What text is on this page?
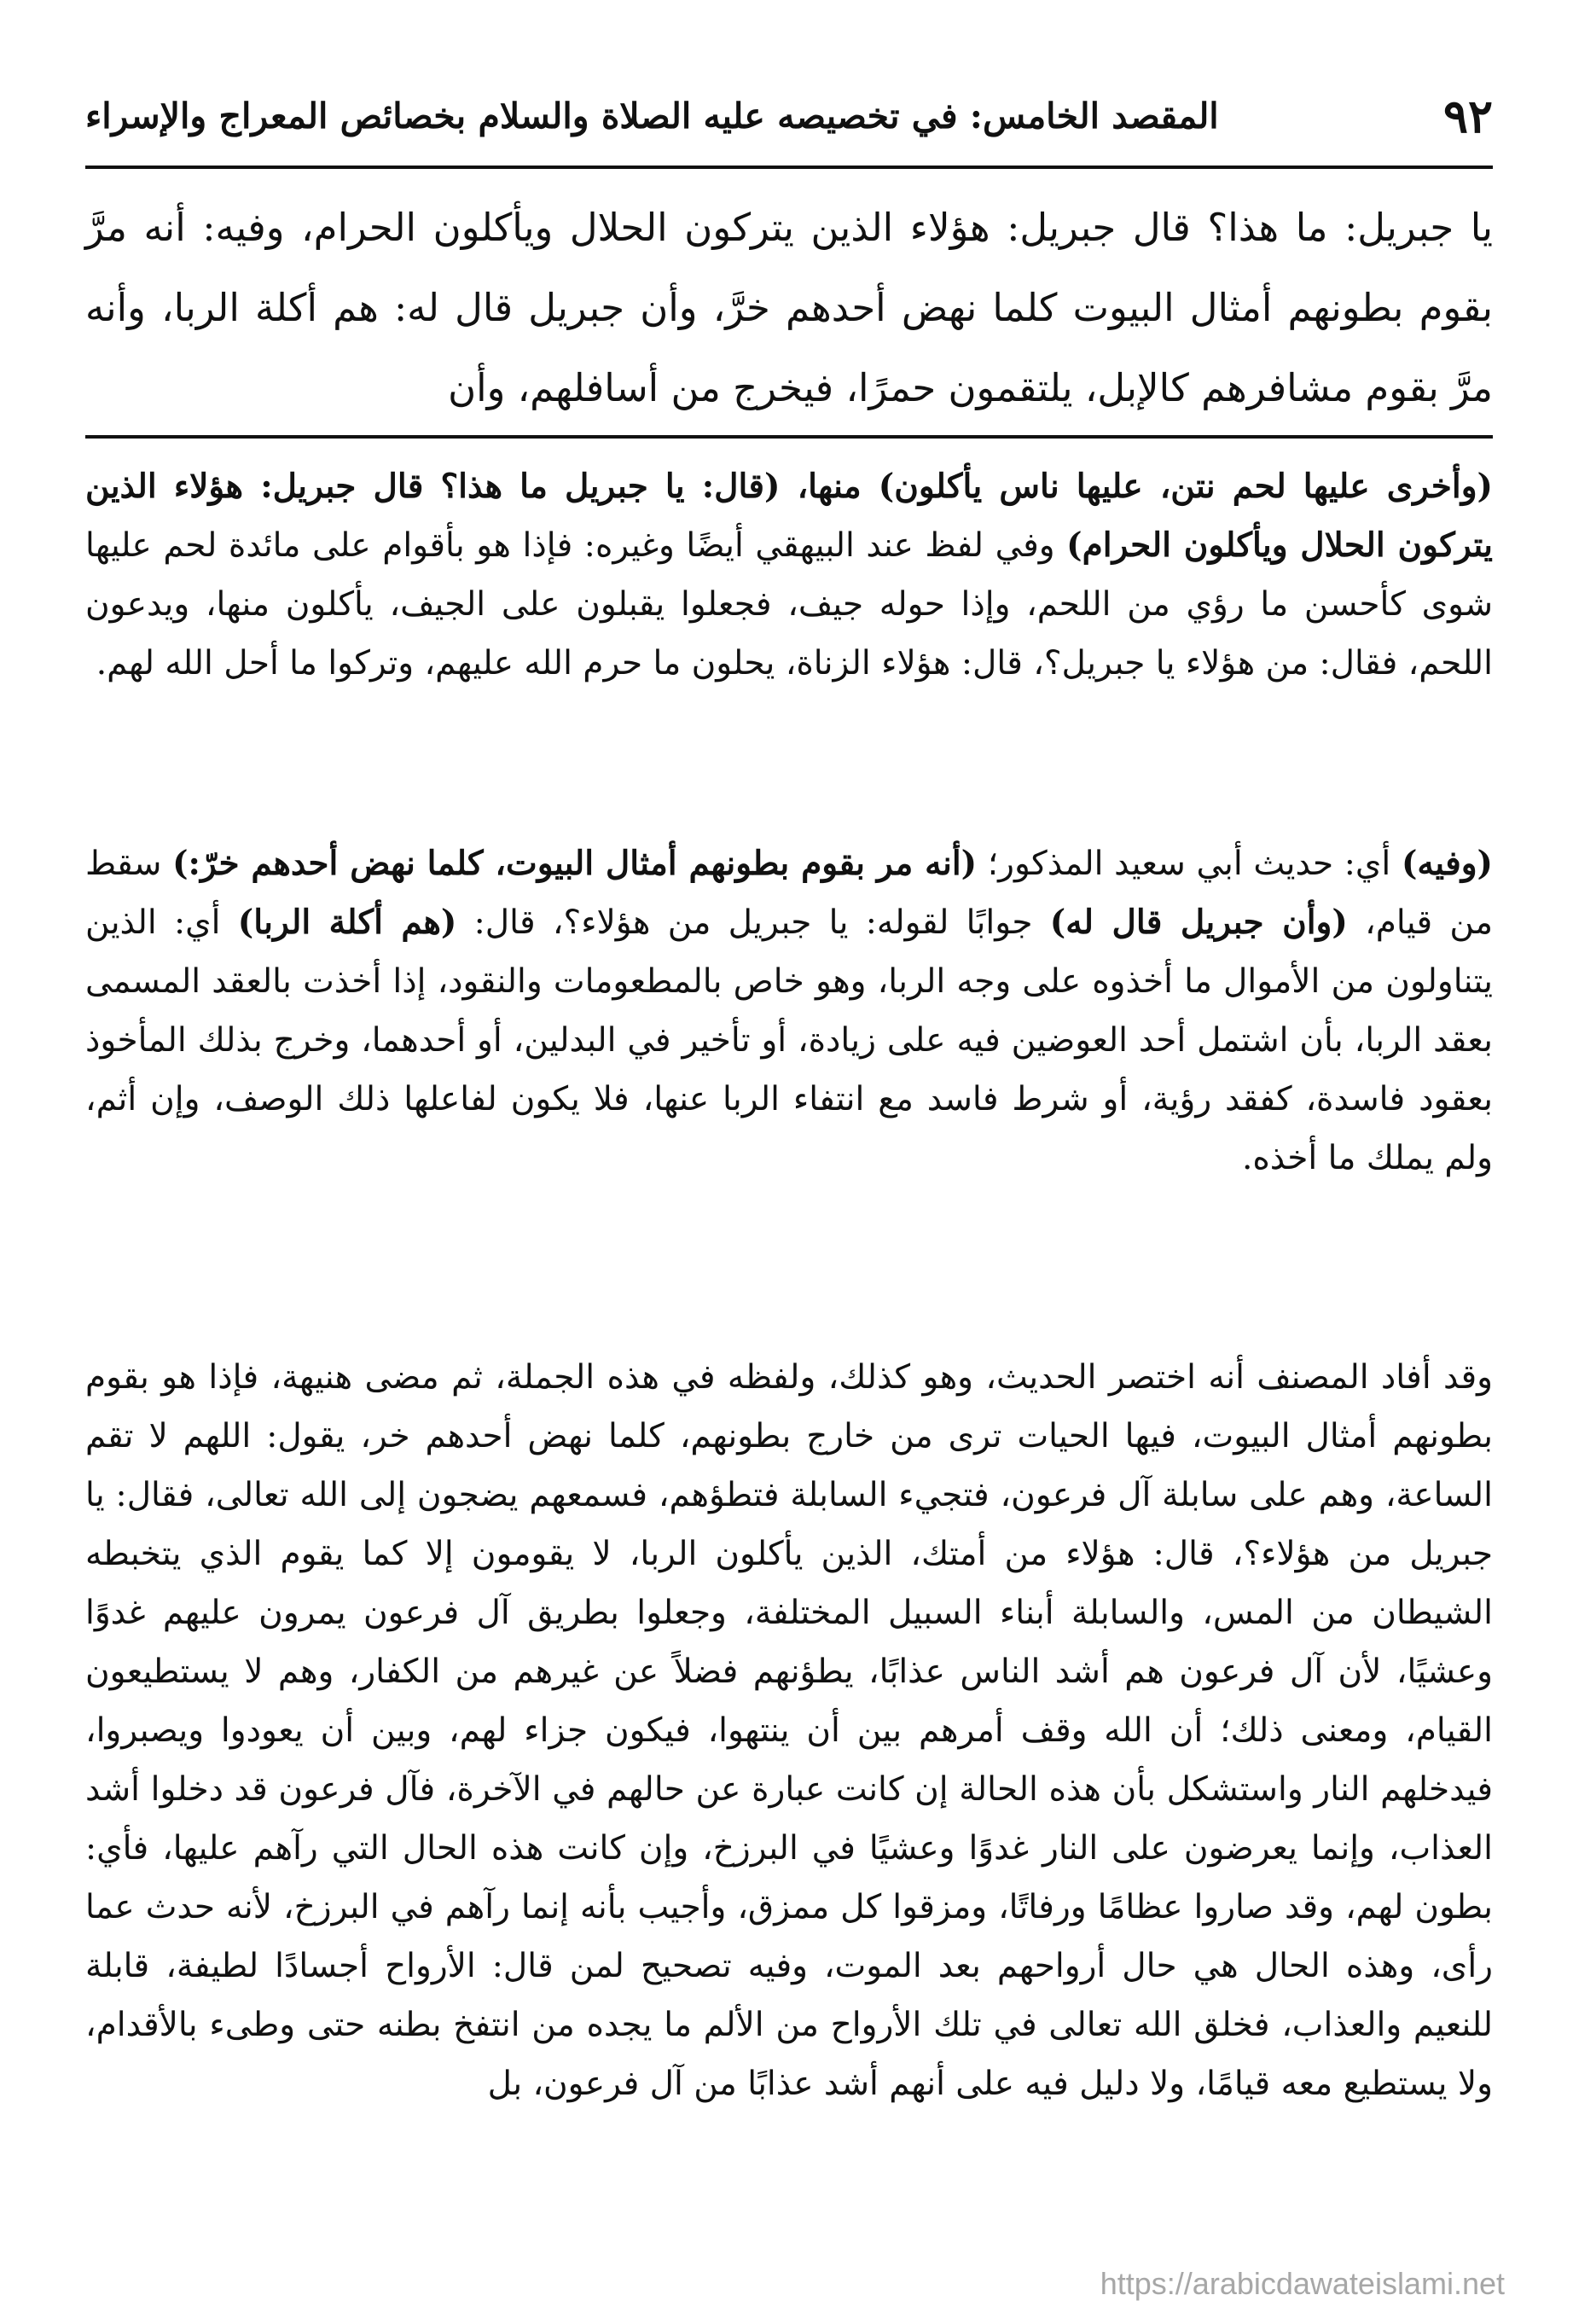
٩٢
المقصد الخامس: في تخصيصه عليه الصلاة والسلام بخصائص المعراج والإسراء

يا جبريل: ما هذا؟ قال جبريل: هؤلاء الذين يتركون الحلال ويأكلون الحرام، وفيه: أنه مرَّ بقوم بطونهم أمثال البيوت كلما نهض أحدهم خرَّ، وأن جبريل قال له: هم أكلة الربا، وأنه مرَّ بقوم مشافرهم كالإبل، يلتقمون حمرًا، فيخرج من أسافلهم، وأن

(وأخرى عليها لحم نتن، عليها ناس يأكلون) منها، (قال: يا جبريل ما هذا؟ قال جبريل: هؤلاء الذين يتركون الحلال ويأكلون الحرام) وفي لفظ عند البيهقي أيضًا وغيره: فإذا هو بأقوام على مائدة لحم عليها شوى كأحسن ما رؤي من اللحم، وإذا حوله جيف، فجعلوا يقبلون على الجيف، يأكلون منها، ويدعون اللحم، فقال: من هؤلاء يا جبريل؟، قال: هؤلاء الزناة، يحلون ما حرم الله عليهم، وتركوا ما أحل الله لهم.

(وفيه) أي: حديث أبي سعيد المذكور؛ (أنه مر بقوم بطونهم أمثال البيوت، كلما نهض أحدهم خرّ:) سقط من قيام، (وأن جبريل قال له) جوابًا لقوله: يا جبريل من هؤلاء؟، قال: (هم أكلة الربا) أي: الذين يتناولون من الأموال ما أخذوه على وجه الربا، وهو خاص بالمطعومات والنقود، إذا أخذت بالعقد المسمى بعقد الربا، بأن اشتمل أحد العوضين فيه على زيادة، أو تأخير في البدلين، أو أحدهما، وخرج بذلك المأخوذ بعقود فاسدة، كفقد رؤية، أو شرط فاسد مع انتفاء الربا عنها، فلا يكون لفاعلها ذلك الوصف، وإن أثم، ولم يملك ما أخذه.

وقد أفاد المصنف أنه اختصر الحديث، وهو كذلك، ولفظه في هذه الجملة، ثم مضى هنيهة، فإذا هو بقوم بطونهم أمثال البيوت، فيها الحيات ترى من خارج بطونهم، كلما نهض أحدهم خر، يقول: اللهم لا تقم الساعة، وهم على سابلة آل فرعون، فتجيء السابلة فتطؤهم، فسمعهم يضجون إلى الله تعالى، فقال: يا جبريل من هؤلاء؟، قال: هؤلاء من أمتك، الذين يأكلون الربا، لا يقومون إلا كما يقوم الذي يتخبطه الشيطان من المس، والسابلة أبناء السبيل المختلفة، وجعلوا بطريق آل فرعون يمرون عليهم غدوًا وعشيًا، لأن آل فرعون هم أشد الناس عذابًا، يطؤنهم فضلاً عن غيرهم من الكفار، وهم لا يستطيعون القيام، ومعنى ذلك؛ أن الله وقف أمرهم بين أن ينتهوا، فيكون جزاء لهم، وبين أن يعودوا ويصبروا، فيدخلهم النار واستشكل بأن هذه الحالة إن كانت عبارة عن حالهم في الآخرة، فآل فرعون قد دخلوا أشد العذاب، وإنما يعرضون على النار غدوًا وعشيًا في البرزخ، وإن كانت هذه الحال التي رآهم عليها، فأي: بطون لهم، وقد صاروا عظامًا ورفاتًا، ومزقوا كل ممزق، وأجيب بأنه إنما رآهم في البرزخ، لأنه حدث عما رأى، وهذه الحال هي حال أرواحهم بعد الموت، وفيه تصحيح لمن قال: الأرواح أجسادًا لطيفة، قابلة للنعيم والعذاب، فخلق الله تعالى في تلك الأرواح من الألم ما يجده من انتفخ بطنه حتى وطىء بالأقدام، ولا يستطيع معه قيامًا، ولا دليل فيه على أنهم أشد عذابًا من آل فرعون، بل

https://arabicdawateislami.net
